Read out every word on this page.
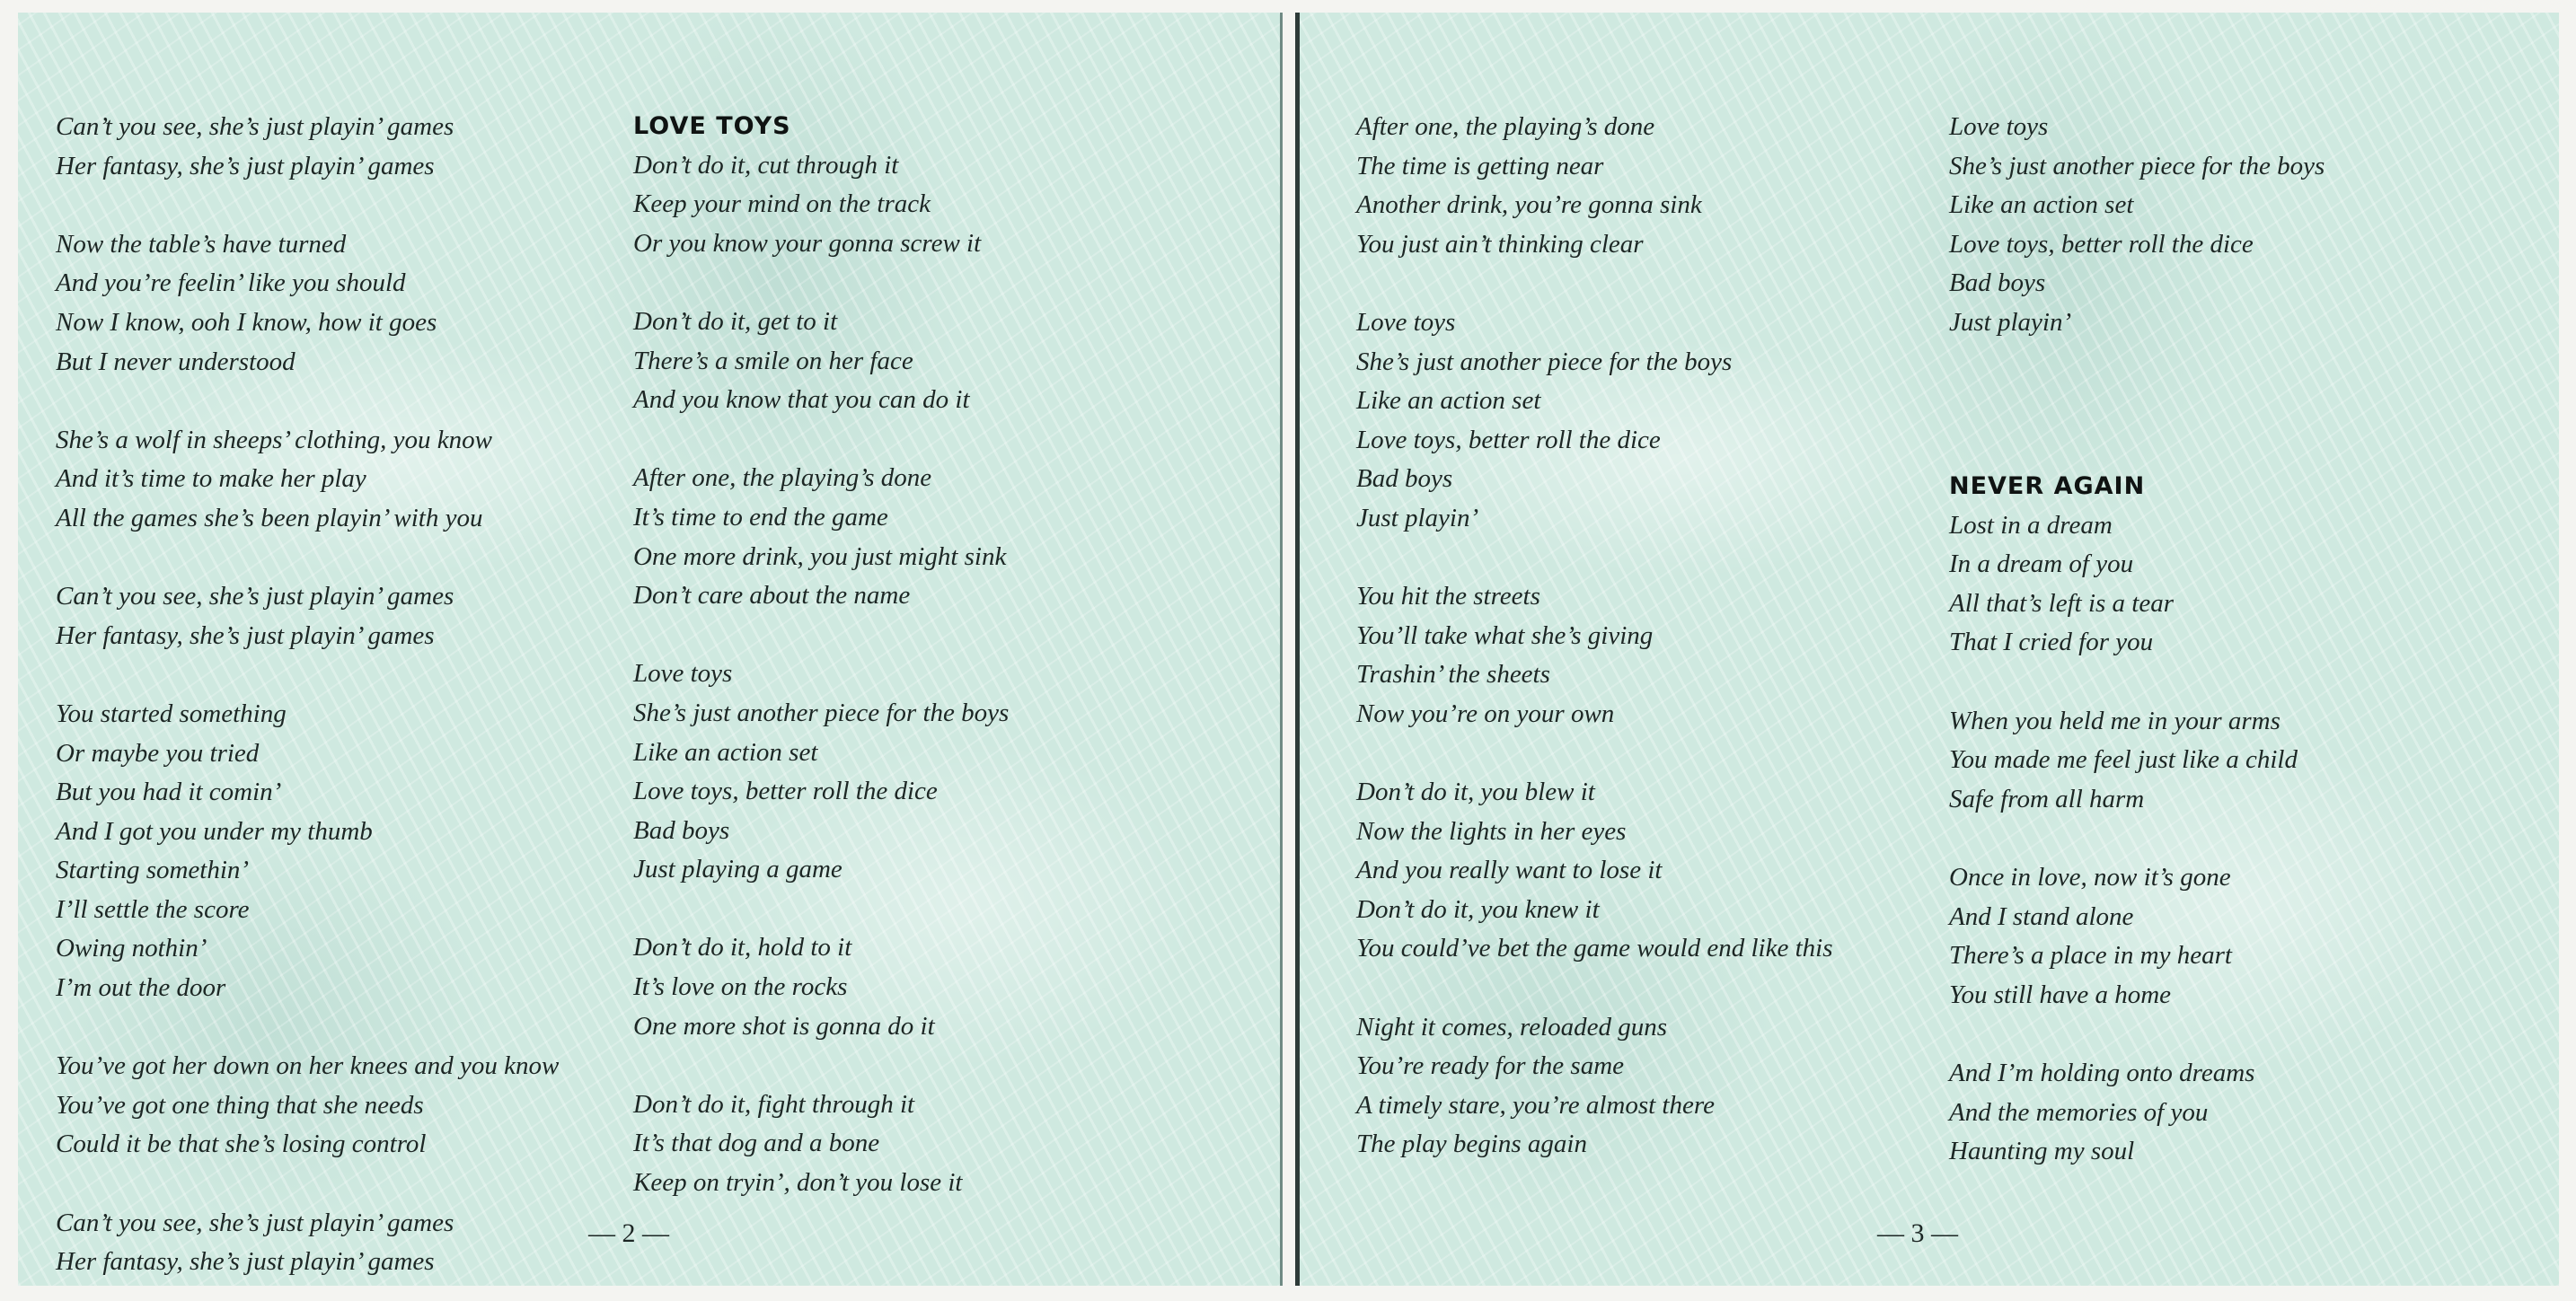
Can’t you see, she’s just playin’ games
Her fantasy, she’s just playin’ games
Now the table’s have turned
And you’re feelin’ like you should
Now I know, ooh I know, how it goes
But I never understood
She’s a wolf in sheeps’ clothing, you know
And it’s time to make her play
All the games she’s been playin’ with you
Can’t you see, she’s just playin’ games
Her fantasy, she’s just playin’ games
You started something
Or maybe you tried
But you had it comin’
And I got you under my thumb
Starting somethin’
I’ll settle the score
Owing nothin’
I’m out the door
You’ve got her down on her knees and you know
You’ve got one thing that she needs
Could it be that she’s losing control
Can’t you see, she’s just playin’ games
Her fantasy, she’s just playin’ games
LOVE TOYS
Don’t do it, cut through it
Keep your mind on the track
Or you know your gonna screw it
Don’t do it, get to it
There’s a smile on her face
And you know that you can do it
After one, the playing’s done
It’s time to end the game
One more drink, you just might sink
Don’t care about the name
Love toys
She’s just another piece for the boys
Like an action set
Love toys, better roll the dice
Bad boys
Just playing a game
Don’t do it, hold to it
It’s love on the rocks
One more shot is gonna do it
Don’t do it, fight through it
It’s that dog and a bone
Keep on tryin’, don’t you lose it
— 2 —
After one, the playing’s done
The time is getting near
Another drink, you’re gonna sink
You just ain’t thinking clear
Love toys
She’s just another piece for the boys
Like an action set
Love toys, better roll the dice
Bad boys
Just playin’
You hit the streets
You’ll take what she’s giving
Trashin’ the sheets
Now you’re on your own
Don’t do it, you blew it
Now the lights in her eyes
And you really want to lose it
Don’t do it, you knew it
You could’ve bet the game would end like this
Night it comes, reloaded guns
You’re ready for the same
A timely stare, you’re almost there
The play begins again
Love toys
She’s just another piece for the boys
Like an action set
Love toys, better roll the dice
Bad boys
Just playin’
NEVER AGAIN
Lost in a dream
In a dream of you
All that’s left is a tear
That I cried for you
When you held me in your arms
You made me feel just like a child
Safe from all harm
Once in love, now it’s gone
And I stand alone
There’s a place in my heart
You still have a home
And I’m holding onto dreams
And the memories of you
Haunting my soul
— 3 —
